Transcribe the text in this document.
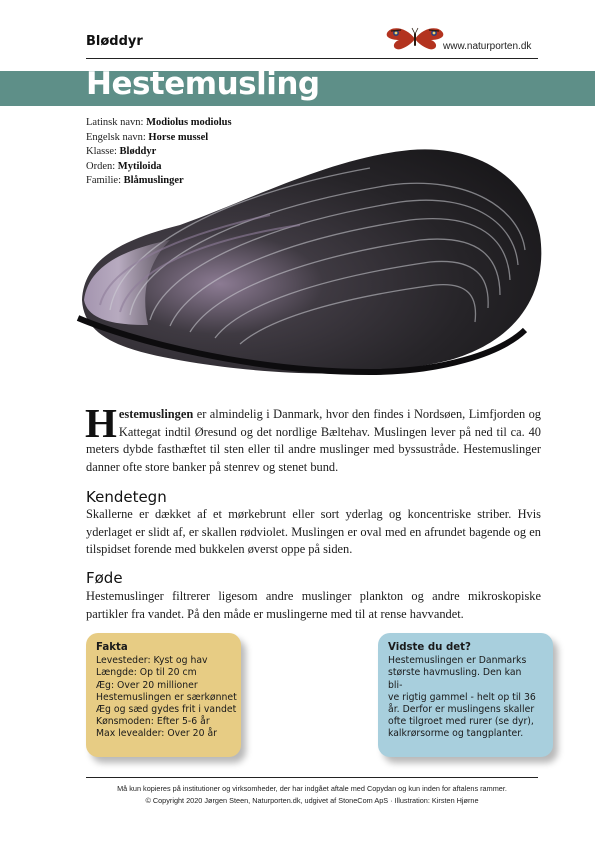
Bløddyr	www.naturporten.dk
Hestemusling
Latinsk navn: Modiolus modiolus
Engelsk navn: Horse mussel
Klasse: Bløddyr
Orden: Mytiloida
Familie: Blåmuslinger
Hestemuslingen er almindelig i Danmark, hvor den findes i Nordsøen, Limfjorden og Kattegat indtil Øresund og det nordlige Bæltehav. Muslingen lever på ned til ca. 40 meters dybde fasthæftet til sten eller til andre muslinger med byssustråde. Hestemuslinger danner ofte store banker på stenrev og stenet bund.
Kendetegn
Skallerne er dækket af et mørkebrunt eller sort yderlag og koncentriske striber. Hvis yderlaget er slidt af, er skallen rødviolet. Muslingen er oval med en afrundet bagende og en tilspidset forende med bukkelen øverst oppe på siden.
Føde
Hestemuslinger filtrerer ligesom andre muslinger plankton og andre mikroskopiske partikler fra vandet. På den måde er muslingerne med til at rense havvandet.
Fakta
Levesteder: Kyst og hav
Længde: Op til 20 cm
Æg: Over 20 millioner
Hestemuslingen er særkønnet
Æg og sæd gydes frit i vandet
Kønsmoden: Efter 5-6 år
Max levealder: Over 20 år
Vidste du det?
Hestemuslingen er Danmarks
største havmusling. Den kan bli-
ve rigtig gammel - helt op til 36
år. Derfor er muslingens skaller
ofte tilgroet med rurer (se dyr),
kalkrørsorme og tangplanter.
Må kun kopieres på institutioner og virksomheder, der har indgået aftale med Copydan og kun inden for aftalens rammer.
© Copyright 2020 Jørgen Steen, Naturporten.dk, udgivet af StoneCom ApS · Illustration: Kirsten Hjørne
